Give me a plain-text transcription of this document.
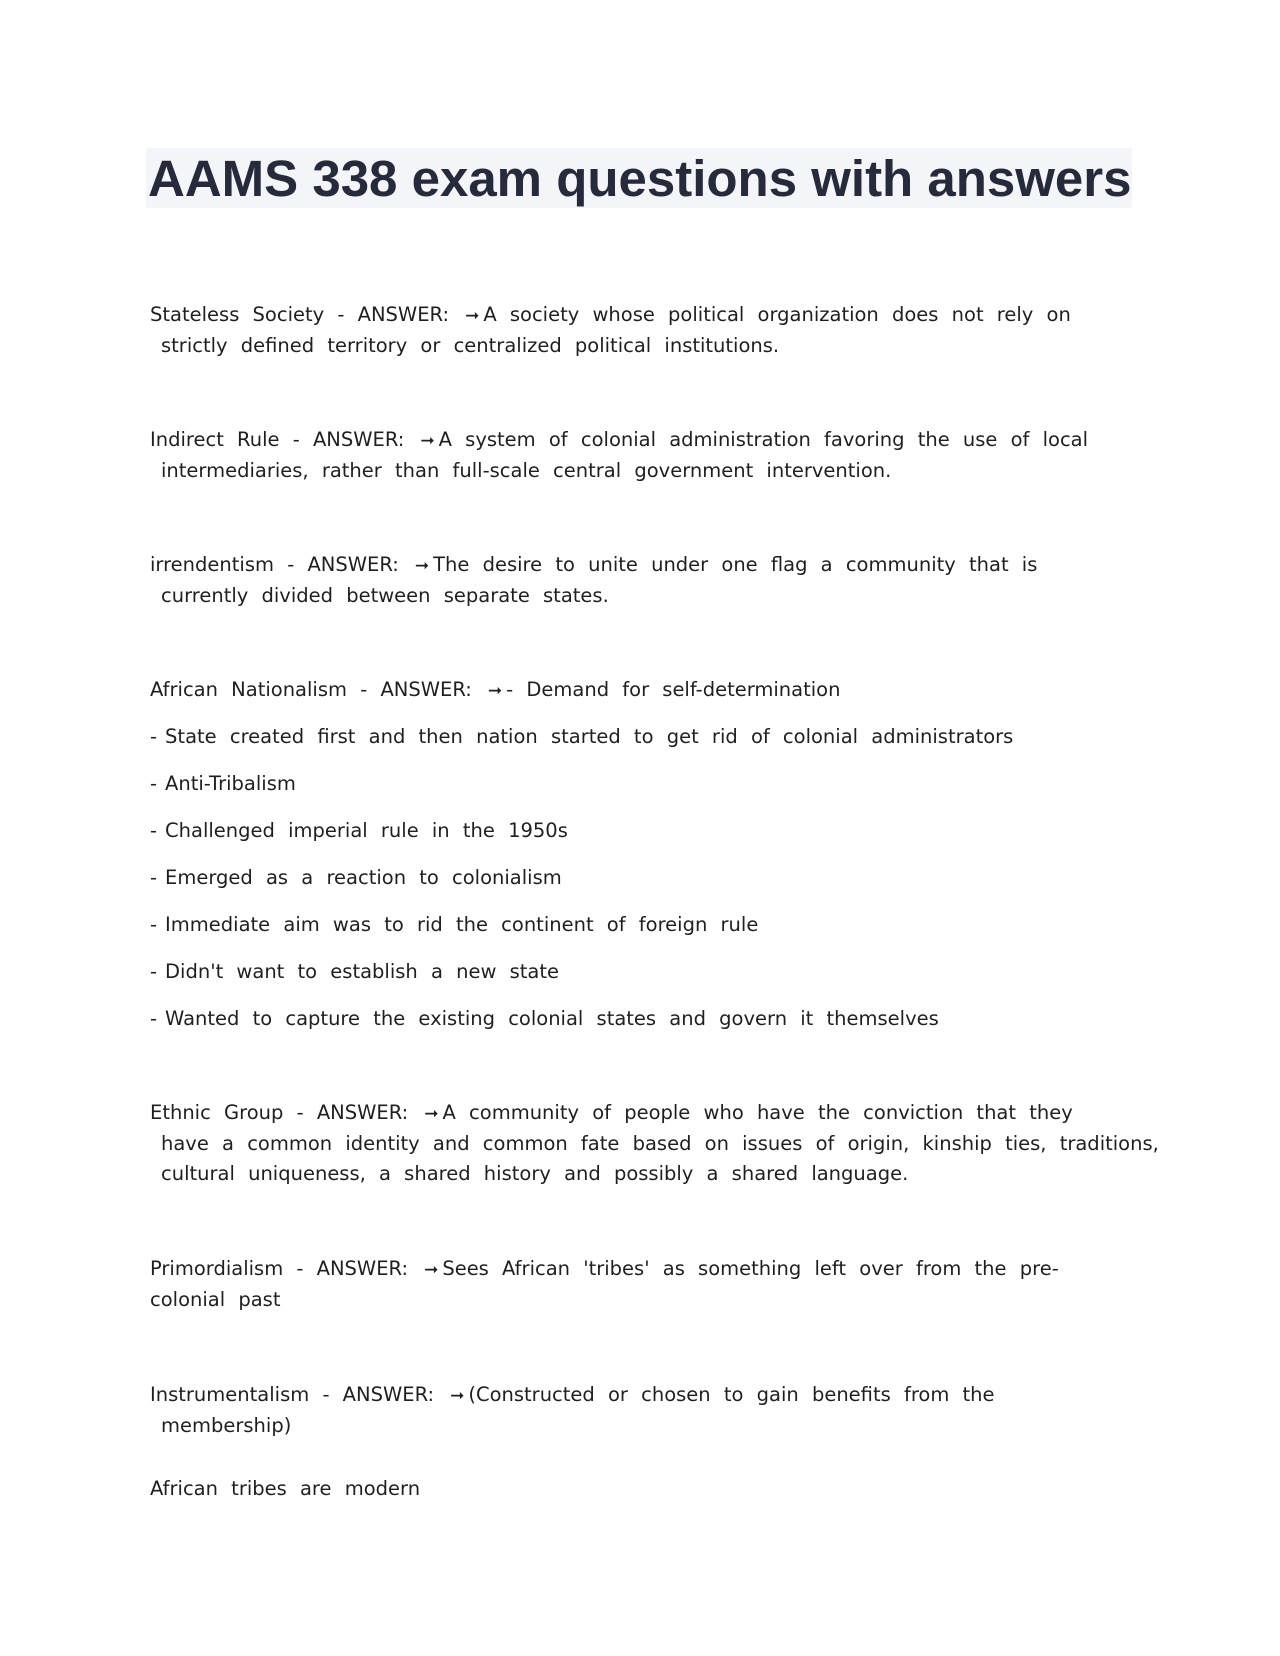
AAMS 338 exam questions with answers
Stateless Society - ANSWER: ➞ A society whose political organization does not rely on
strictly defined territory or centralized political institutions.
Indirect Rule - ANSWER: ➞ A system of colonial administration favoring the use of local
intermediaries, rather than full-scale central government intervention.
irrendentism - ANSWER: ➞ The desire to unite under one flag a community that is
currently divided between separate states.
African Nationalism - ANSWER: ➞ - Demand for self-determination
- State created first and then nation started to get rid of colonial administrators
- Anti-Tribalism
- Challenged imperial rule in the 1950s
- Emerged as a reaction to colonialism
- Immediate aim was to rid the continent of foreign rule
- Didn't want to establish a new state
- Wanted to capture the existing colonial states and govern it themselves
Ethnic Group - ANSWER: ➞ A community of people who have the conviction that they
have a common identity and common fate based on issues of origin, kinship ties, traditions,
cultural uniqueness, a shared history and possibly a shared language.
Primordialism - ANSWER: ➞ Sees African 'tribes' as something left over from the pre-
colonial past
Instrumentalism - ANSWER: ➞ (Constructed or chosen to gain benefits from the
membership)
African tribes are modern
